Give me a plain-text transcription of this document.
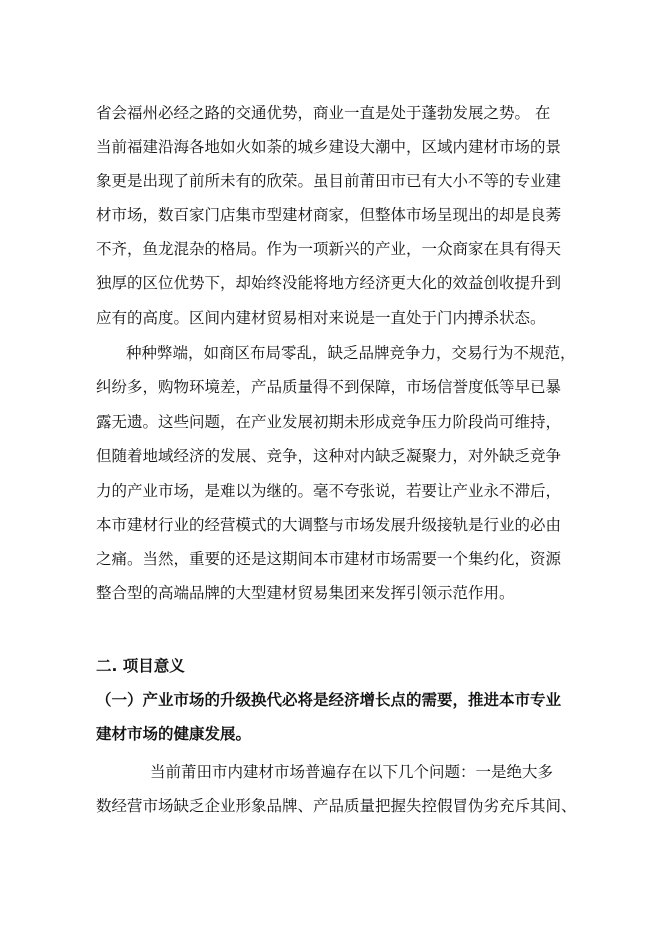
省会福州必经之路的交通优势，商业一直是处于蓬勃发展之势。 在
当前福建沿海各地如火如荼的城乡建设大潮中，区域内建材市场的景
象更是出现了前所未有的欣荣。虽目前莆田市已有大小不等的专业建
材市场，数百家门店集市型建材商家，但整体市场呈现出的却是良莠
不齐，鱼龙混杂的格局。作为一项新兴的产业，一众商家在具有得天
独厚的区位优势下，却始终没能将地方经济更大化的效益创收提升到
应有的高度。区间内建材贸易相对来说是一直处于门内搏杀状态。
种种弊端，如商区布局零乱，缺乏品牌竞争力，交易行为不规范，
纠纷多，购物环境差，产品质量得不到保障，市场信誉度低等早已暴
露无遗。这些问题，在产业发展初期未形成竞争压力阶段尚可维持，
但随着地域经济的发展、竞争，这种对内缺乏凝聚力，对外缺乏竞争
力的产业市场，是难以为继的。毫不夸张说，若要让产业永不滞后，
本市建材行业的经营模式的大调整与市场发展升级接轨是行业的必由
之痛。当然，重要的还是这期间本市建材市场需要一个集约化，资源
整合型的高端品牌的大型建材贸易集团来发挥引领示范作用。
二. 项目意义
（一）产业市场的升级换代必将是经济增长点的需要，推进本市专业
建材市场的健康发展。
当前莆田市内建材市场普遍存在以下几个问题：一是绝大多
数经营市场缺乏企业形象品牌、产品质量把握失控假冒伪劣充斥其间、
